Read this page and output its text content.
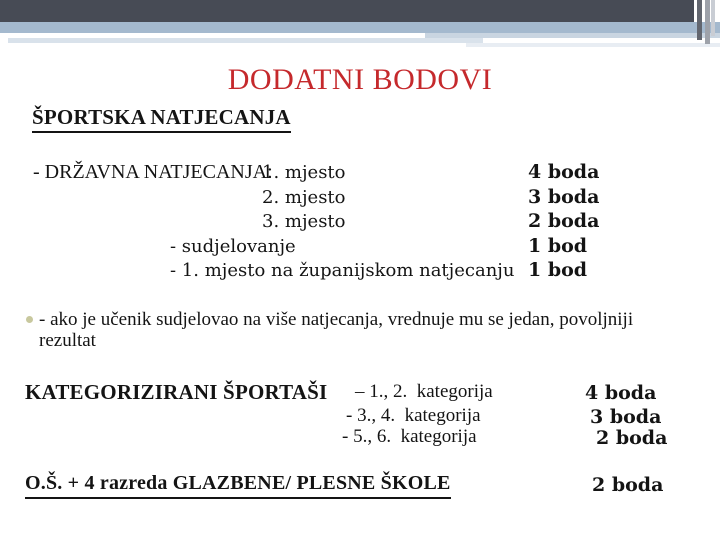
DODATNI BODOVI
ŠPORTSKA NATJECANJA
- DRŽAVNA NATJECANJA:
1. mjesto
2. mjesto
3. mjesto
- sudjelovanje
- 1. mjesto na županijskom natjecanju
4 boda
3 boda
2 boda
1 bod
1 bod
- ako je učenik sudjelovao na više natjecanja, vrednuje mu se jedan, povoljniji
rezultat
KATEGORIZIRANI ŠPORTAŠI – 1., 2.  kategorija
- 3., 4.  kategorija
- 5., 6.  kategorija
4 boda
3 boda
2 boda
O.Š. + 4 razreda GLAZBENE/ PLESNE ŠKOLE	2 boda
